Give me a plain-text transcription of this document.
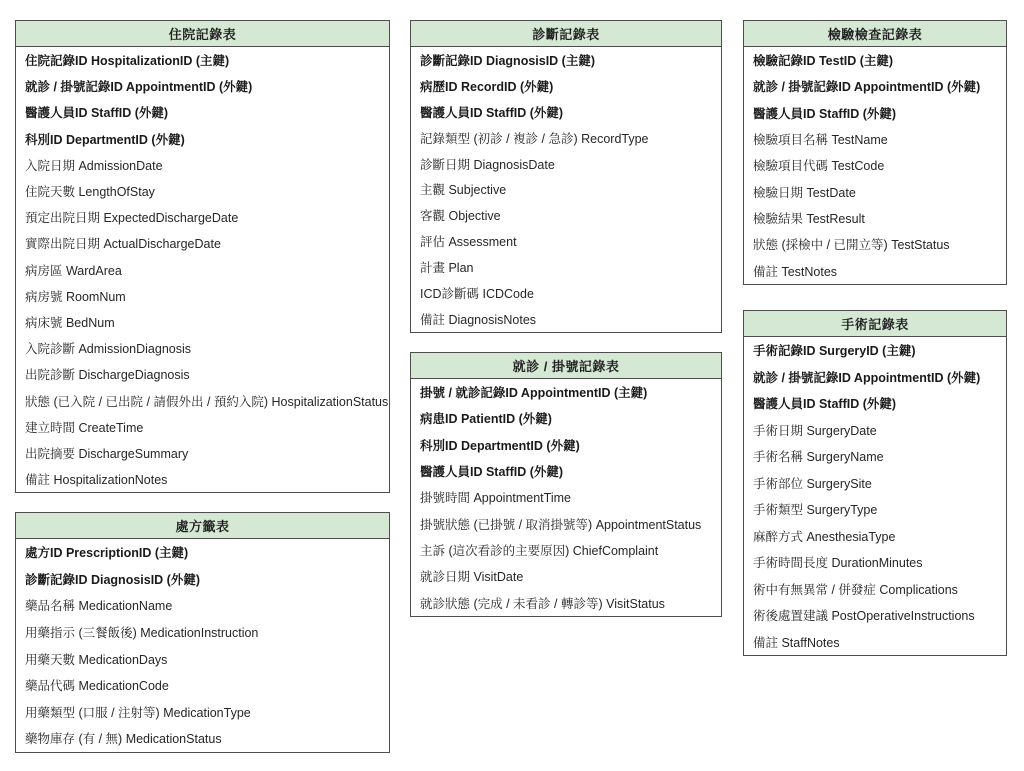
住院記錄表
住院記錄ID HospitalizationID (主鍵)
就診 / 掛號記錄ID AppointmentID (外鍵)
醫護人員ID StaffID (外鍵)
科別ID DepartmentID (外鍵)
入院日期 AdmissionDate
住院天數 LengthOfStay
預定出院日期 ExpectedDischargeDate
實際出院日期 ActualDischargeDate
病房區 WardArea
病房號 RoomNum
病床號 BedNum
入院診斷 AdmissionDiagnosis
出院診斷 DischargeDiagnosis
狀態 (已入院 / 已出院 / 請假外出 / 預約入院) HospitalizationStatus
建立時間 CreateTime
出院摘要 DischargeSummary
備註 HospitalizationNotes
處方籤表
處方ID PrescriptionID (主鍵)
診斷記錄ID DiagnosisID (外鍵)
藥品名稱 MedicationName
用藥指示 (三餐飯後) MedicationInstruction
用藥天數 MedicationDays
藥品代碼 MedicationCode
用藥類型 (口服 / 注射等) MedicationType
藥物庫存 (有 / 無) MedicationStatus
診斷記錄表
診斷記錄ID DiagnosisID (主鍵)
病歷ID RecordID (外鍵)
醫護人員ID StaffID (外鍵)
記錄類型 (初診 / 複診 / 急診) RecordType
診斷日期 DiagnosisDate
主觀 Subjective
客觀 Objective
評估 Assessment
計畫 Plan
ICD診斷碼 ICDCode
備註 DiagnosisNotes
就診 / 掛號記錄表
掛號 / 就診記錄ID AppointmentID (主鍵)
病患ID PatientID (外鍵)
科別ID DepartmentID (外鍵)
醫護人員ID StaffID (外鍵)
掛號時間 AppointmentTime
掛號狀態 (已掛號 / 取消掛號等) AppointmentStatus
主訴 (這次看診的主要原因) ChiefComplaint
就診日期 VisitDate
就診狀態 (完成 / 未看診 / 轉診等) VisitStatus
檢驗檢查記錄表
檢驗記錄ID TestID (主鍵)
就診 / 掛號記錄ID AppointmentID (外鍵)
醫護人員ID StaffID (外鍵)
檢驗項目名稱 TestName
檢驗項目代碼 TestCode
檢驗日期 TestDate
檢驗結果 TestResult
狀態 (採檢中 / 已開立等) TestStatus
備註 TestNotes
手術記錄表
手術記錄ID SurgeryID (主鍵)
就診 / 掛號記錄ID AppointmentID (外鍵)
醫護人員ID StaffID (外鍵)
手術日期 SurgeryDate
手術名稱 SurgeryName
手術部位 SurgerySite
手術類型 SurgeryType
麻醉方式 AnesthesiaType
手術時間長度 DurationMinutes
術中有無異常 / 併發症 Complications
術後處置建議 PostOperativeInstructions
備註 StaffNotes
